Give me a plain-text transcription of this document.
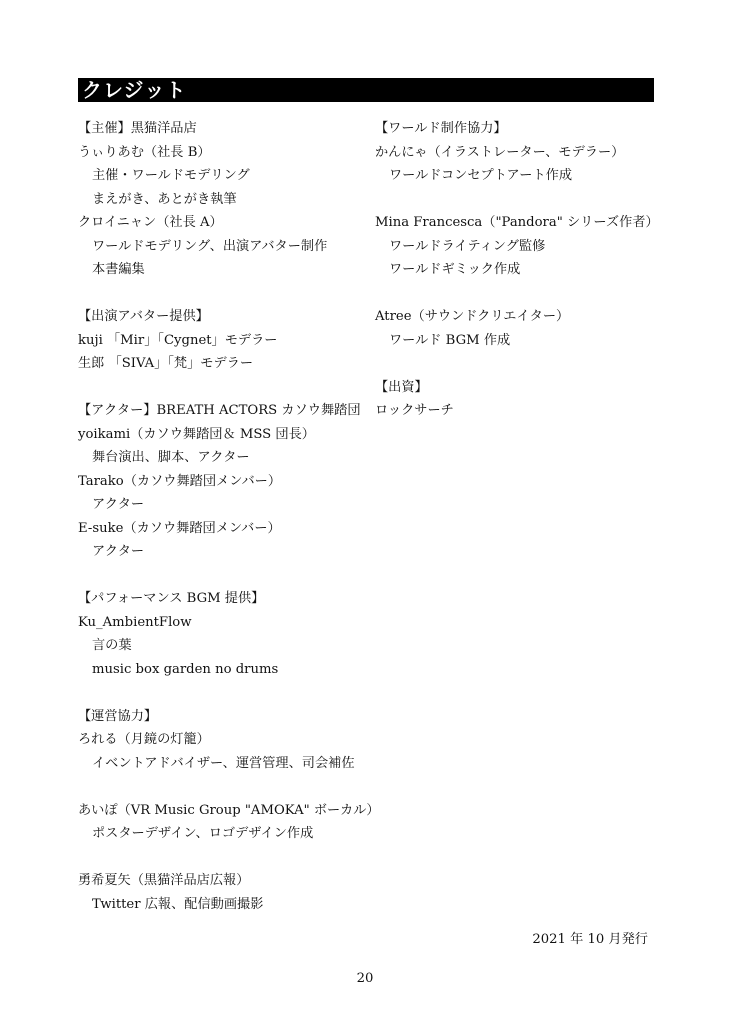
クレジット
【主催】黒猫洋品店
うぃりあむ（社長 B）
主催・ワールドモデリング
まえがき、あとがき執筆
クロイニャン（社長 A）
ワールドモデリング、出演アバター制作
本書編集
【出演アバター提供】
kuji 「Mir」「Cygnet」モデラー
生郎 「SIVA」「梵」モデラー
【アクター】BREATH ACTORS カソウ舞踏団
yoikami（カソウ舞踏団＆ MSS 団長）
舞台演出、脚本、アクター
Tarako（カソウ舞踏団メンバー）
アクター
E-suke（カソウ舞踏団メンバー）
アクター
【パフォーマンス BGM 提供】
Ku_AmbientFlow
言の葉
music box garden no drums
【運営協力】
ろれる（月鏡の灯籠）
イベントアドバイザー、運営管理、司会補佐
あいぽ（VR Music Group "AMOKA" ボーカル）
ポスターデザイン、ロゴデザイン作成
勇希夏矢（黒猫洋品店広報）
Twitter 広報、配信動画撮影
【ワールド制作協力】
かんにゃ（イラストレーター、モデラー）
ワールドコンセプトアート作成
Mina Francesca（"Pandora" シリーズ作者）
ワールドライティング監修
ワールドギミック作成
Atree（サウンドクリエイター）
ワールド BGM 作成
【出資】
ロックサーチ
2021 年 10 月発行
20
